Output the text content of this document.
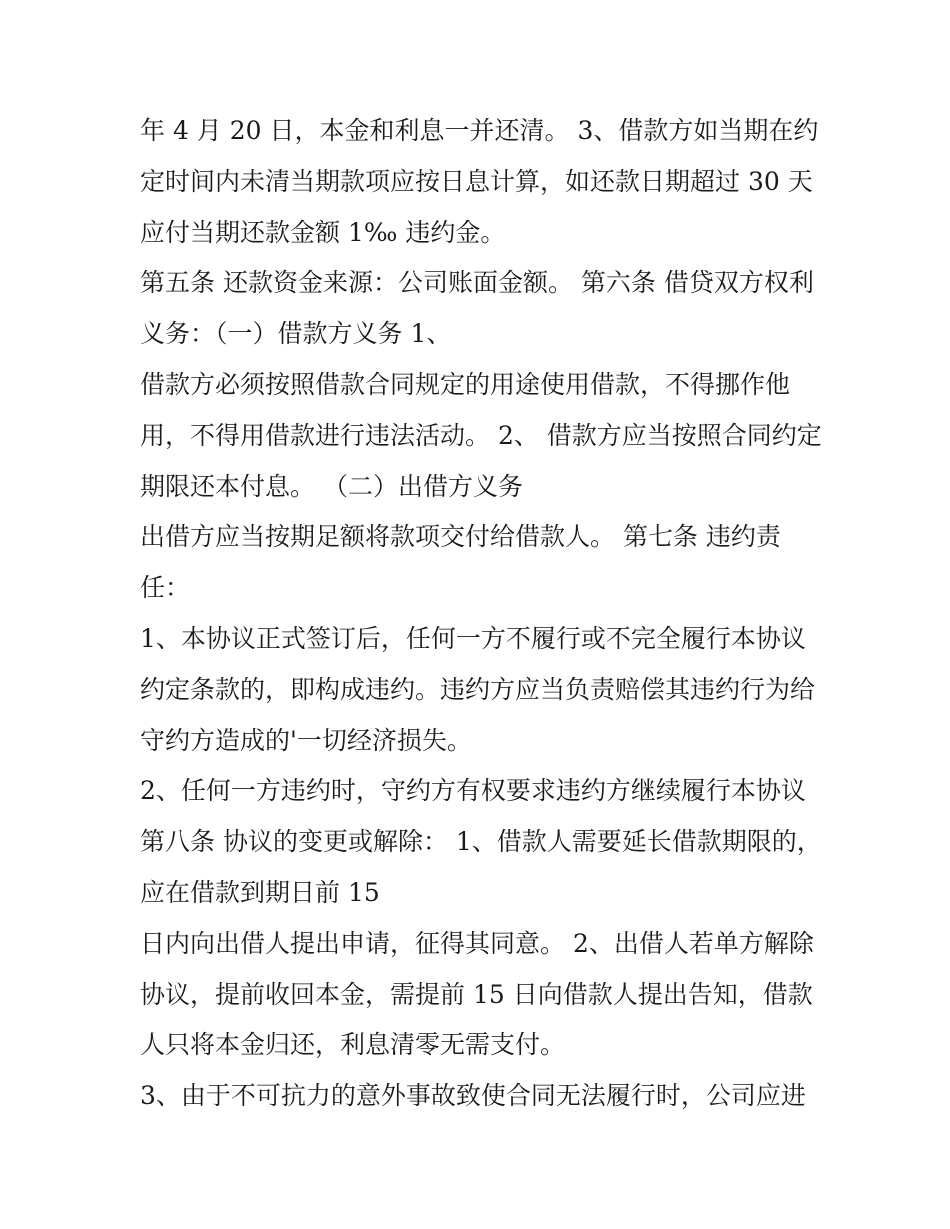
年 4 月 20 日，本金和利息一并还清。 3、借款方如当期在约
定时间内未清当期款项应按日息计算，如还款日期超过 30 天
应付当期还款金额 1‰ 违约金。
第五条 还款资金来源：公司账面金额。 第六条 借贷双方权利
义务：（一）借款方义务 1、
借款方必须按照借款合同规定的用途使用借款，不得挪作他
用，不得用借款进行违法活动。 2、 借款方应当按照合同约定
期限还本付息。 （二）出借方义务
出借方应当按期足额将款项交付给借款人。 第七条 违约责
任：
1、本协议正式签订后，任何一方不履行或不完全履行本协议
约定条款的，即构成违约。违约方应当负责赔偿其违约行为给
守约方造成的'一切经济损失。
2、任何一方违约时，守约方有权要求违约方继续履行本协议
第八条 协议的变更或解除： 1、借款人需要延长借款期限的，
应在借款到期日前 15
日内向出借人提出申请，征得其同意。 2、出借人若单方解除
协议，提前收回本金，需提前 15 日向借款人提出告知，借款
人只将本金归还，利息清零无需支付。
3、由于不可抗力的意外事故致使合同无法履行时，公司应进
